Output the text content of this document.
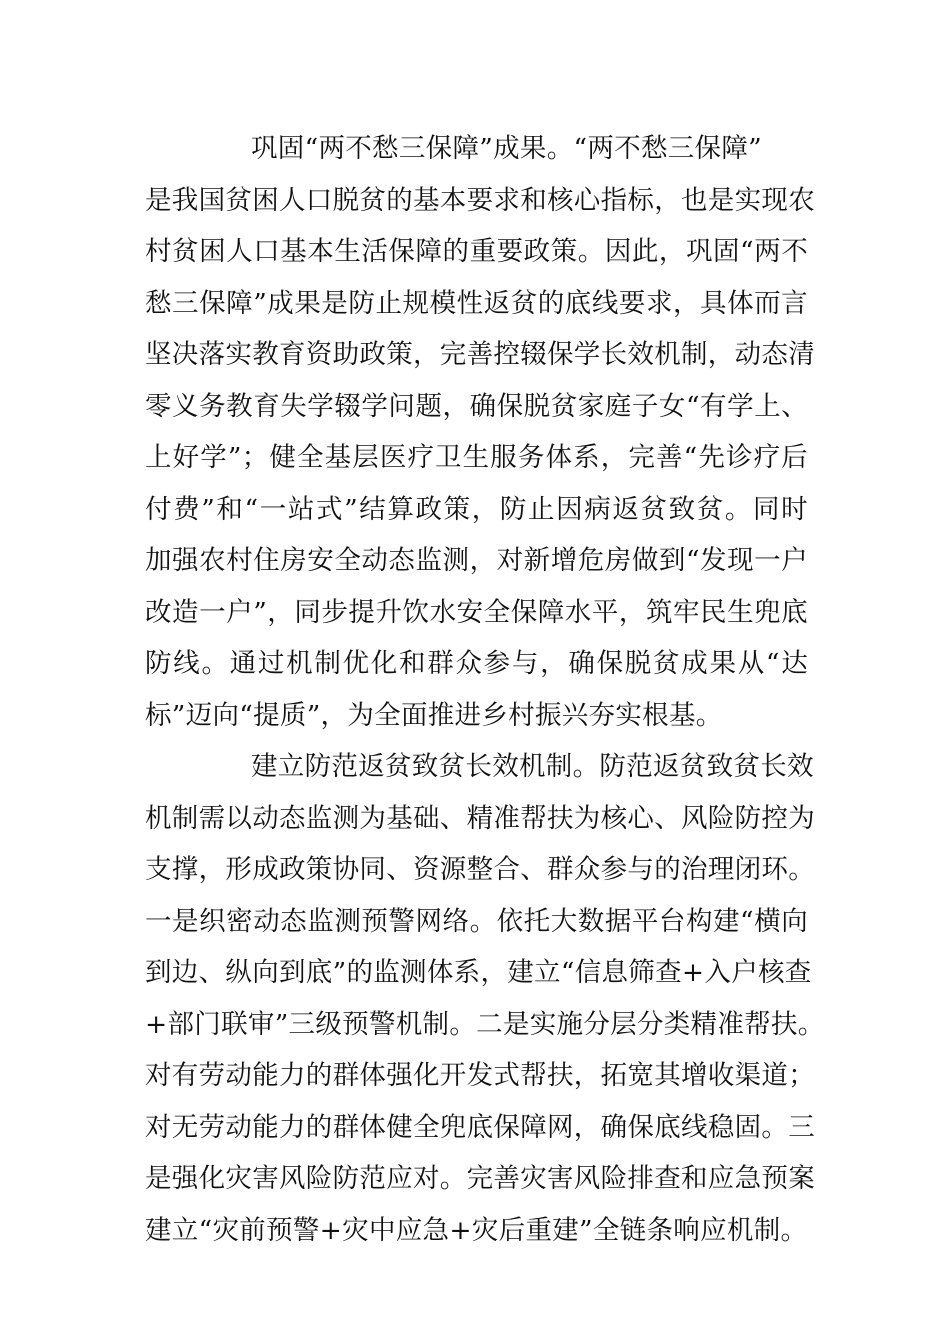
巩固“两不愁三保障”成果。“两不愁三保障”
是我国贫困人口脱贫的基本要求和核心指标，也是实现农
村贫困人口基本生活保障的重要政策。因此，巩固“两不
愁三保障”成果是防止规模性返贫的底线要求，具体而言
坚决落实教育资助政策，完善控辍保学长效机制，动态清
零义务教育失学辍学问题，确保脱贫家庭子女“有学上、
上好学”；健全基层医疗卫生服务体系，完善“先诊疗后
付费”和“一站式”结算政策，防止因病返贫致贫。同时
加强农村住房安全动态监测，对新增危房做到“发现一户
改造一户”，同步提升饮水安全保障水平，筑牢民生兜底
防线。通过机制优化和群众参与，确保脱贫成果从“达
标”迈向“提质”，为全面推进乡村振兴夯实根基。
建立防范返贫致贫长效机制。防范返贫致贫长效
机制需以动态监测为基础、精准帮扶为核心、风险防控为
支撑，形成政策协同、资源整合、群众参与的治理闭环。
一是织密动态监测预警网络。依托大数据平台构建“横向
到边、纵向到底”的监测体系，建立“信息筛查+入户核查
+部门联审”三级预警机制。二是实施分层分类精准帮扶。
对有劳动能力的群体强化开发式帮扶，拓宽其增收渠道；
对无劳动能力的群体健全兜底保障网，确保底线稳固。三
是强化灾害风险防范应对。完善灾害风险排查和应急预案
建立“灾前预警+灾中应急+灾后重建”全链条响应机制。
